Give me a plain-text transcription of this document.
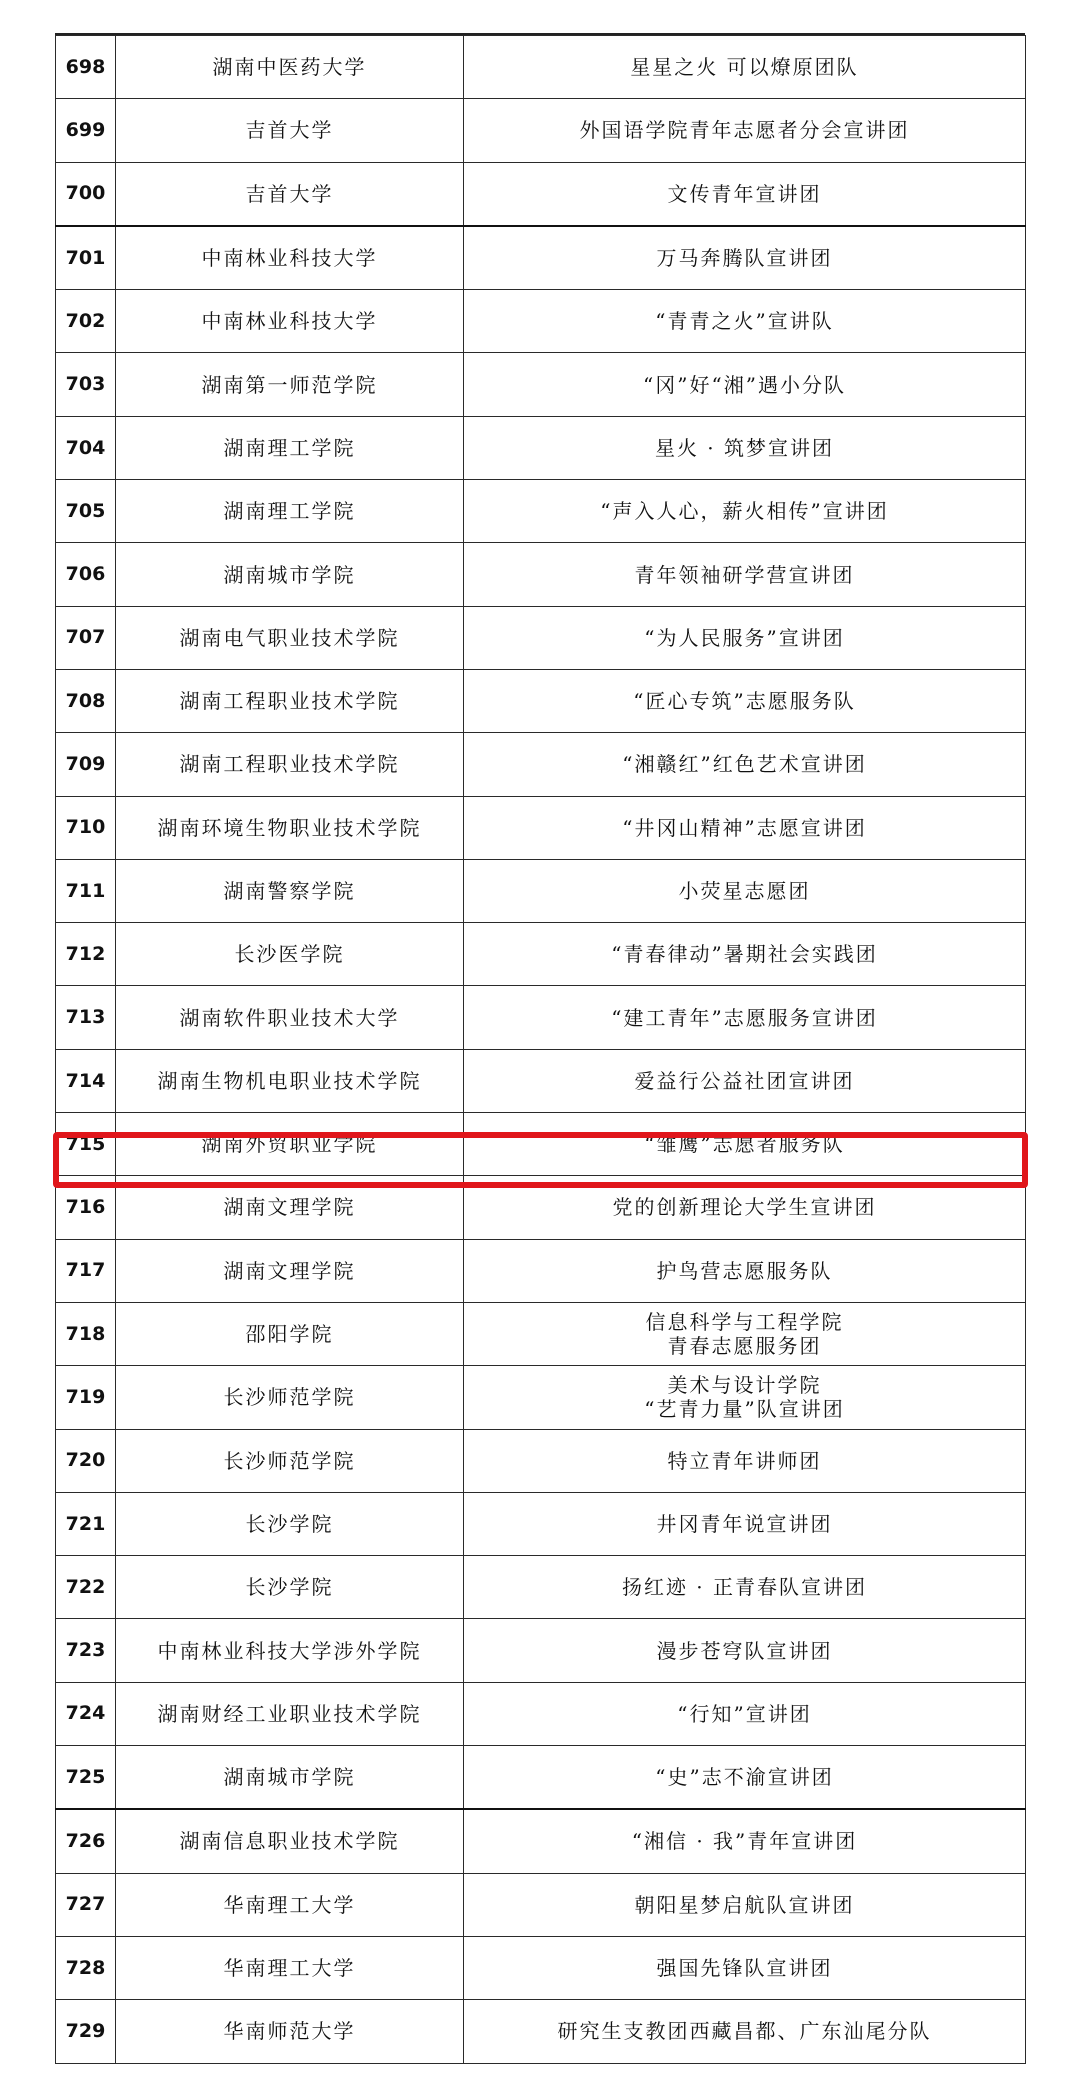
698	湖南中医药大学	星星之火 可以燎原团队
699	吉首大学	外国语学院青年志愿者分会宣讲团
700	吉首大学	文传青年宣讲团
701	中南林业科技大学	万马奔腾队宣讲团
702	中南林业科技大学	“青青之火”宣讲队
703	湖南第一师范学院	“冈”好“湘”遇小分队
704	湖南理工学院	星火 · 筑梦宣讲团
705	湖南理工学院	“声入人心，薪火相传”宣讲团
706	湖南城市学院	青年领袖研学营宣讲团
707	湖南电气职业技术学院	“为人民服务”宣讲团
708	湖南工程职业技术学院	“匠心专筑”志愿服务队
709	湖南工程职业技术学院	“湘赣红”红色艺术宣讲团
710	湖南环境生物职业技术学院	“井冈山精神”志愿宣讲团
711	湖南警察学院	小荧星志愿团
712	长沙医学院	“青春律动”暑期社会实践团
713	湖南软件职业技术大学	“建工青年”志愿服务宣讲团
714	湖南生物机电职业技术学院	爱益行公益社团宣讲团
715	湖南外贸职业学院	“雏鹰”志愿者服务队
716	湖南文理学院	党的创新理论大学生宣讲团
717	湖南文理学院	护鸟营志愿服务队
718	邵阳学院	信息科学与工程学院
青春志愿服务团

719	长沙师范学院	美术与设计学院
“艺青力量”队宣讲团

720	长沙师范学院	特立青年讲师团
721	长沙学院	井冈青年说宣讲团
722	长沙学院	扬红迹 · 正青春队宣讲团
723	中南林业科技大学涉外学院	漫步苍穹队宣讲团
724	湖南财经工业职业技术学院	“行知”宣讲团
725	湖南城市学院	“史”志不渝宣讲团
726	湖南信息职业技术学院	“湘信 · 我”青年宣讲团
727	华南理工大学	朝阳星梦启航队宣讲团
728	华南理工大学	强国先锋队宣讲团
729	华南师范大学	研究生支教团西藏昌都、广东汕尾分队
